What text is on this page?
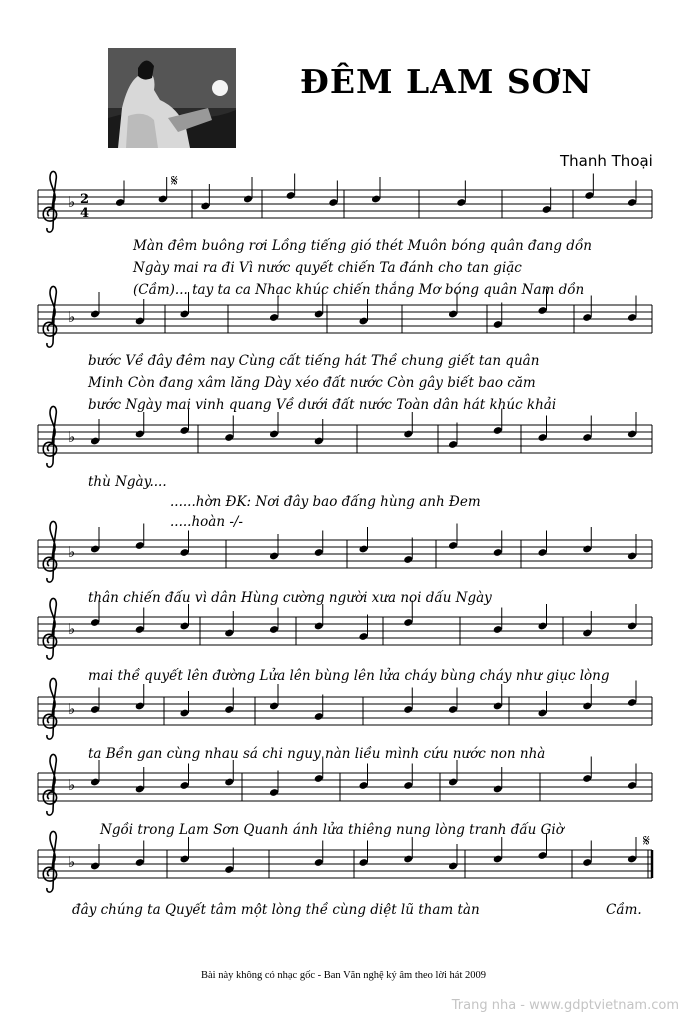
ĐÊM LAM SƠN
Thanh Thoại
♭
♭
♭
♭
♭
♭
♭
♭
2
4
𝄋
𝄋
Màn đêm buông rơi Lồng tiếng gió thét Muôn bóng quân đang dồn
Ngày mai ra đi Vì nước quyết chiến Ta đánh cho tan giặc
(Cầm)... tay ta ca Nhạc khúc chiến thắng Mơ bóng quân Nam dồn
bước Về đây đêm nay Cùng cất tiếng hát Thề chung giết tan quân
Minh Còn đang xâm lăng Dày xéo đất nước Còn gây biết bao căm
bước Ngày mai vinh quang Về dưới đất nước Toàn dân hát khúc khải
thù Ngày....
......hờn ĐK: Nơi đây bao đấng hùng anh Đem
.....hoàn -/-
thân chiến đấu vì dân Hùng cường người xưa noi dấu Ngày
mai thề quyết lên đường Lửa lên bùng lên lửa cháy bùng cháy như giục lòng
ta Bền gan cùng nhau sá chi nguy nàn liều mình cứu nước non nhà
Ngồi trong Lam Sơn Quanh ánh lửa thiêng nung lòng tranh đấu Giờ
đây chúng ta Quyết tâm một lòng thề cùng diệt lũ tham tàn	Cầm.
Bài này không có nhạc gốc - Ban Văn nghệ ký âm theo lời hát 2009
Trang nha - www.gdptvietnam.com
